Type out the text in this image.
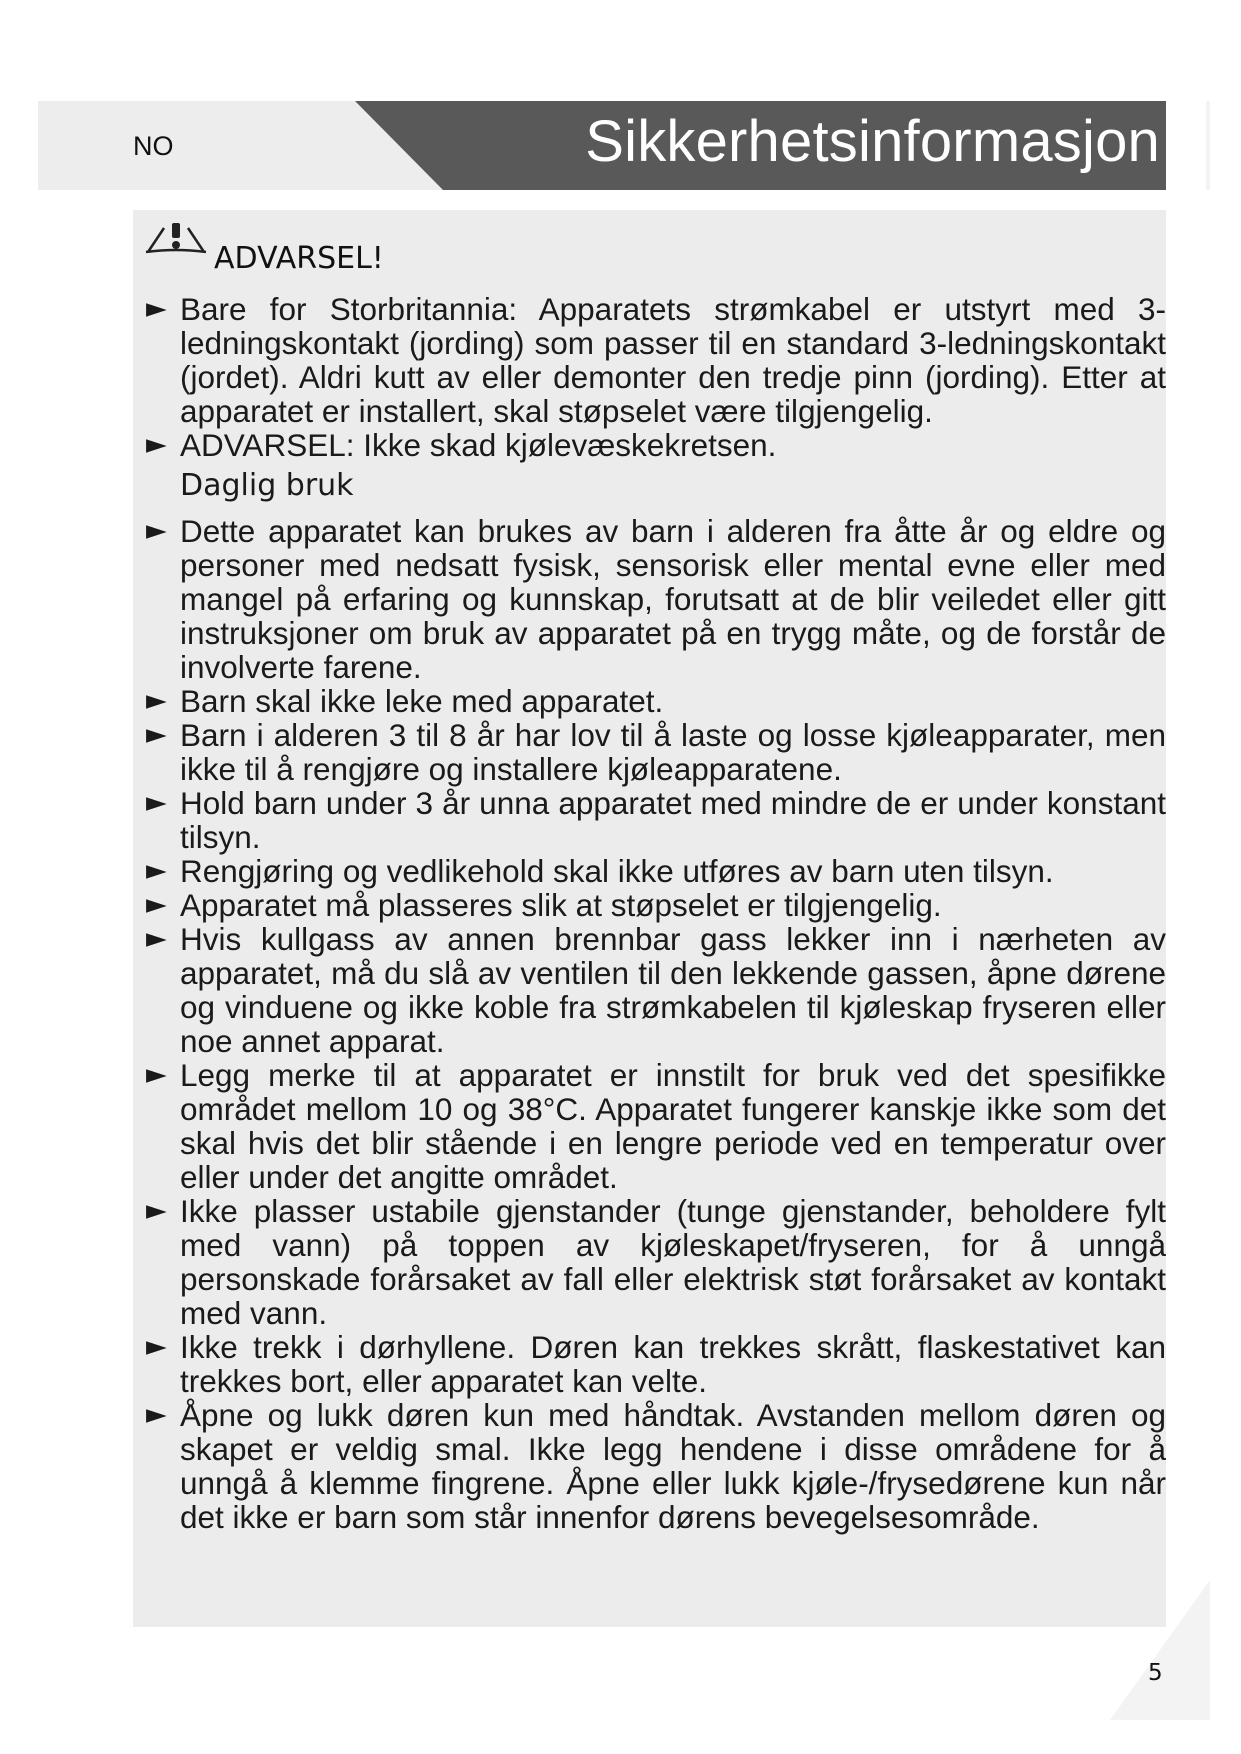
NO	Sikkerhetsinformasjon
ADVARSEL!
► Bare for Storbritannia: Apparatets strømkabel er utstyrt med 3-ledningskontakt (jording) som passer til en standard 3-ledningskontakt (jordet). Aldri kutt av eller demonter den tredje pinn (jording). Etter at apparatet er installert, skal støpselet være tilgjengelig.
► ADVARSEL: Ikke skad kjølevæskekretsen.
Daglig bruk
► Dette apparatet kan brukes av barn i alderen fra åtte år og eldre og personer med nedsatt fysisk, sensorisk eller mental evne eller med mangel på erfaring og kunnskap, forutsatt at de blir veiledet eller gitt instruksjoner om bruk av apparatet på en trygg måte, og de forstår de involverte farene.
► Barn skal ikke leke med apparatet.
► Barn i alderen 3 til 8 år har lov til å laste og losse kjøleapparater, men ikke til å rengjøre og installere kjøleapparatene.
► Hold barn under 3 år unna apparatet med mindre de er under konstant tilsyn.
► Rengjøring og vedlikehold skal ikke utføres av barn uten tilsyn.
► Apparatet må plasseres slik at støpselet er tilgjengelig.
► Hvis kullgass av annen brennbar gass lekker inn i nærheten av apparatet, må du slå av ventilen til den lekkende gassen, åpne dørene og vinduene og ikke koble fra strømkabelen til kjøleskap fryseren eller noe annet apparat.
► Legg merke til at apparatet er innstilt for bruk ved det spesifikke området mellom 10 og 38°C. Apparatet fungerer kanskje ikke som det skal hvis det blir stående i en lengre periode ved en temperatur over eller under det angitte området.
► Ikke plasser ustabile gjenstander (tunge gjenstander, beholdere fylt med vann) på toppen av kjøleskapet/fryseren, for å unngå personskade forårsaket av fall eller elektrisk støt forårsaket av kontakt med vann.
► Ikke trekk i dørhyllene. Døren kan trekkes skrått, flaskestativet kan trekkes bort, eller apparatet kan velte.
► Åpne og lukk døren kun med håndtak. Avstanden mellom døren og skapet er veldig smal. Ikke legg hendene i disse områdene for å unngå å klemme fingrene. Åpne eller lukk kjøle-/frysedørene kun når det ikke er barn som står innenfor dørens bevegelsesområde.
5
